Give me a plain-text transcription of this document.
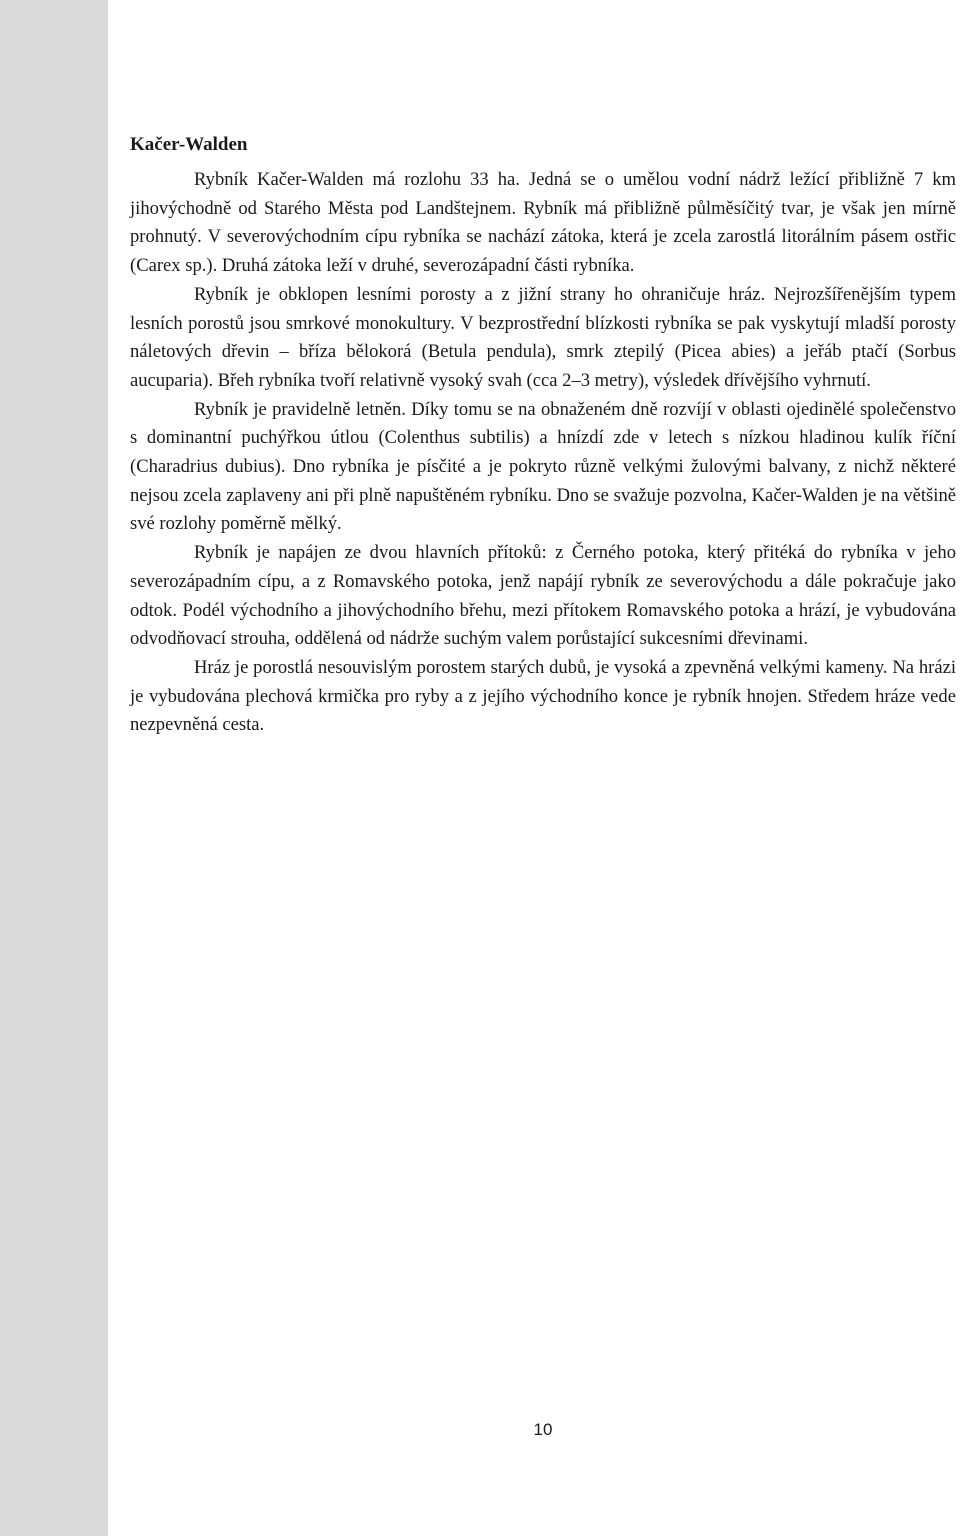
Kačer-Walden

Rybník Kačer-Walden má rozlohu 33 ha. Jedná se o umělou vodní nádrž ležící přibližně 7 km jihovýchodně od Starého Města pod Landštejnem. Rybník má přibližně půlměsíčitý tvar, je však jen mírně prohnutý. V severovýchodním cípu rybníka se nachází zátoka, která je zcela zarostlá litorálním pásem ostřic (Carex sp.). Druhá zátoka leží v druhé, severozápadní části rybníka.

Rybník je obklopen lesními porosty a z jižní strany ho ohraničuje hráz. Nejrozšířenějším typem lesních porostů jsou smrkové monokultury. V bezprostřední blízkosti rybníka se pak vyskytují mladší porosty náletových dřevin – bříza bělokorá (Betula pendula), smrk ztepilý (Picea abies) a jeřáb ptačí (Sorbus aucuparia). Břeh rybníka tvoří relativně vysoký svah (cca 2–3 metry), výsledek dřívějšího vyhrnutí.

Rybník je pravidelně letněn. Díky tomu se na obnaženém dně rozvíjí v oblasti ojedinělé společenstvo s dominantní puchýřkou útlou (Colenthus subtilis) a hnízdí zde v letech s nízkou hladinou kulík říční (Charadrius dubius). Dno rybníka je písčité a je pokryto různě velkými žulovými balvany, z nichž některé nejsou zcela zaplaveny ani při plně napuštěném rybníku. Dno se svažuje pozvolna, Kačer-Walden je na většině své rozlohy poměrně mělký.

Rybník je napájen ze dvou hlavních přítoků: z Černého potoka, který přitéká do rybníka v jeho severozápadním cípu, a z Romavského potoka, jenž napájí rybník ze severovýchodu a dále pokračuje jako odtok. Podél východního a jihovýchodního břehu, mezi přítokem Romavského potoka a hrází, je vybudována odvodňovací strouha, oddělená od nádrže suchým valem porůstající sukcesními dřevinami.

Hráz je porostlá nesouvislým porostem starých dubů, je vysoká a zpevněná velkými kameny. Na hrázi je vybudována plechová krmička pro ryby a z jejího východního konce je rybník hnojen. Středem hráze vede nezpevněná cesta.

10
